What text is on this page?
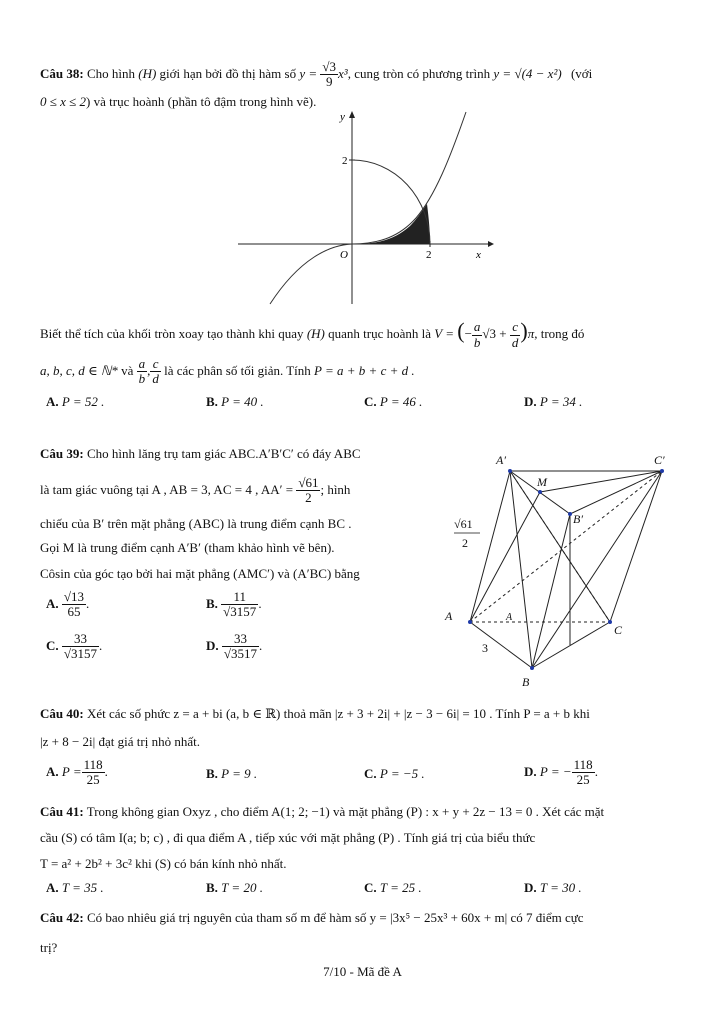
Câu 38: Cho hình (H) giới hạn bởi đồ thị hàm số $y = \frac{√3}{9} x^3$, cung tròn có phương trình y = √(4 − x²) (với
0 ≤ x ≤ 2) và trục hoành (phần tô đậm trong hình vẽ).
y
x
O	2
2
Biết thể tích của khối tròn xoay tạo thành khi quay (H) quanh trục hoành là V = (− $\frac{a}{b} √3 + \frac{c}{d} )\pi$, trong đó
a, b, c, d ∈ ℕ* và $\frac{a}{b}$ , $\frac{c}{d}$ là các phân số tối giản. Tính P = a + b + c + d .
A. P = 52 .	B. P = 40 .	C. P = 46 .	D. P = 34 .
Câu 39: Cho hình lăng trụ tam giác ABC.A′B′C′ có đáy ABC
là tam giác vuông tại A , AB = 3, AC = 4 , $AA' = \frac{√61}{2}$ ; hình
chiếu của B′ trên mặt phẳng (ABC) là trung điểm cạnh BC .
Gọi M là trung điểm cạnh A′B′ (tham khảo hình vẽ bên).
Côsin của góc tạo bởi hai mặt phẳng (AMC′) và (A′BC) bằng
A. $\frac{√13}{65}$ .	B. $\frac{11}{√3157}$ .
C. $\frac{33}{√3157}$ .	D. $\frac{33}{√3517}$ .
A′	C′
M
B′
A
C
B
A
√61
2
3
Câu 40: Xét các số phức z = a + bi (a, b ∈ ℝ) thoả mãn |z + 3 + 2i| + |z − 3 − 6i| = 10 . Tính P = a + b khi
|z + 8 − 2i| đạt giá trị nhỏ nhất.
A. $P = \frac{118}{25}$ .	B. P = 9 .	C. P = −5 .	D. P = − $\frac{118}{25}$ .
Câu 41: Trong không gian Oxyz , cho điểm A(1; 2; −1) và mặt phẳng (P) : x + y + 2z − 13 = 0 . Xét các mặt
cầu (S) có tâm I(a; b; c) , đi qua điểm A , tiếp xúc với mặt phẳng (P) . Tính giá trị của biểu thức
T = a² + 2b² + 3c² khi (S) có bán kính nhỏ nhất.
A. T = 35 .	B. T = 20 .	C. T = 25 .	D. T = 30 .
Câu 42: Có bao nhiêu giá trị nguyên của tham số m để hàm số y = |3x⁵ − 25x³ + 60x + m| có 7 điểm cực
trị?
7/10 - Mã đề A
